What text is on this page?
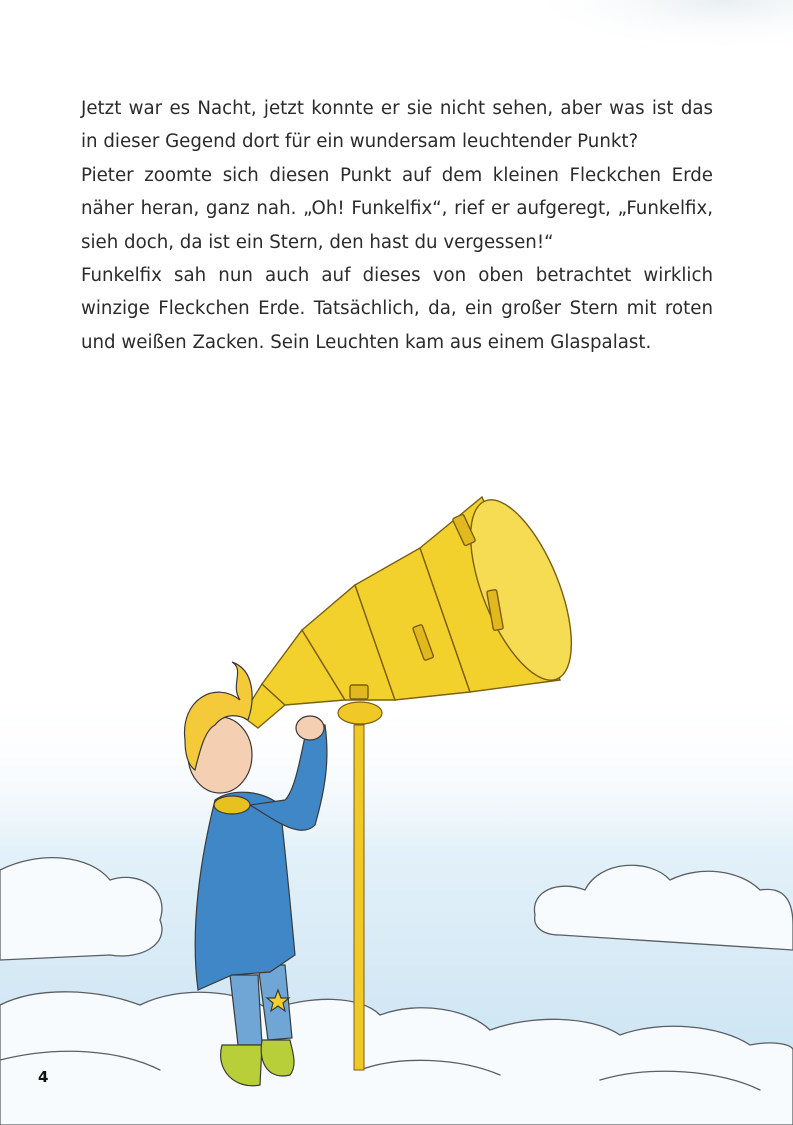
Jetzt war es Nacht, jetzt konnte er sie nicht sehen, aber was ist das in dieser Gegend dort für ein wundersam leuchtender Punkt?

Pieter zoomte sich diesen Punkt auf dem kleinen Fleckchen Erde näher heran, ganz nah. „Oh! Funkelfix“, rief er aufgeregt, „Funkelfix, sieh doch, da ist ein Stern, den hast du vergessen!“

Funkelfix sah nun auch auf dieses von oben betrachtet wirklich winzige Fleckchen Erde. Tatsächlich, da, ein großer Stern mit roten und weißen Zacken. Sein Leuchten kam aus einem Glaspalast.

4
